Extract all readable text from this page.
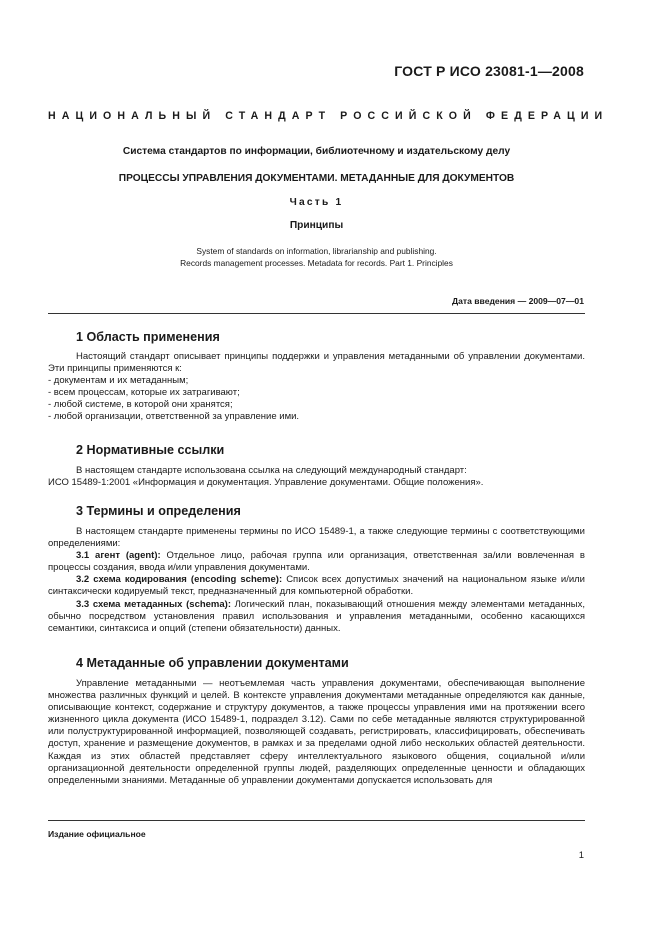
ГОСТ Р ИСО 23081-1—2008
НАЦИОНАЛЬНЫЙ СТАНДАРТ РОССИЙСКОЙ ФЕДЕРАЦИИ
Система стандартов по информации, библиотечному и издательскому делу
ПРОЦЕССЫ УПРАВЛЕНИЯ ДОКУМЕНТАМИ. МЕТАДАННЫЕ ДЛЯ ДОКУМЕНТОВ
Часть 1
Принципы
System of standards on information, librarianship and publishing.
Records management processes. Metadata for records. Part 1. Principles
Дата введения — 2009—07—01
1 Область применения

Настоящий стандарт описывает принципы поддержки и управления метаданными об управлении документами. Эти принципы применяются к:

- документам и их метаданным;

- всем процессам, которые их затрагивают;

- любой системе, в которой они хранятся;

- любой организации, ответственной за управление ими.

2 Нормативные ссылки

В настоящем стандарте использована ссылка на следующий международный стандарт:

ИСО 15489-1:2001 «Информация и документация. Управление документами. Общие положения».

3 Термины и определения

В настоящем стандарте применены термины по ИСО 15489-1, а также следующие термины с соответствующими определениями:

3.1 агент (agent): Отдельное лицо, рабочая группа или организация, ответственная за/или вовлеченная в процессы создания, ввода и/или управления документами.

3.2 схема кодирования (encoding scheme): Список всех допустимых значений на национальном языке и/или синтаксически кодируемый текст, предназначенный для компьютерной обработки.

3.3 схема метаданных (schema): Логический план, показывающий отношения между элементами метаданных, обычно посредством установления правил использования и управления метаданными, особенно касающихся семантики, синтаксиса и опций (степени обязательности) данных.

4 Метаданные об управлении документами

Управление метаданными — неотъемлемая часть управления документами, обеспечивающая выполнение множества различных функций и целей. В контексте управления документами метаданные определяются как данные, описывающие контекст, содержание и структуру документов, а также процессы управления ими на протяжении всего жизненного цикла документа (ИСО 15489-1, подраздел 3.12). Сами по себе метаданные являются структурированной или полуструктурированной информацией, позволяющей создавать, регистрировать, классифицировать, обеспечивать доступ, хранение и размещение документов, в рамках и за пределами одной либо нескольких областей деятельности. Каждая из этих областей представляет сферу интеллектуального языкового общения, социальной и/или организационной деятельности определенной группы людей, разделяющих определенные ценности и обладающих определенными знаниями. Метаданные об управлении документами допускается использовать для

Издание официальное
1
